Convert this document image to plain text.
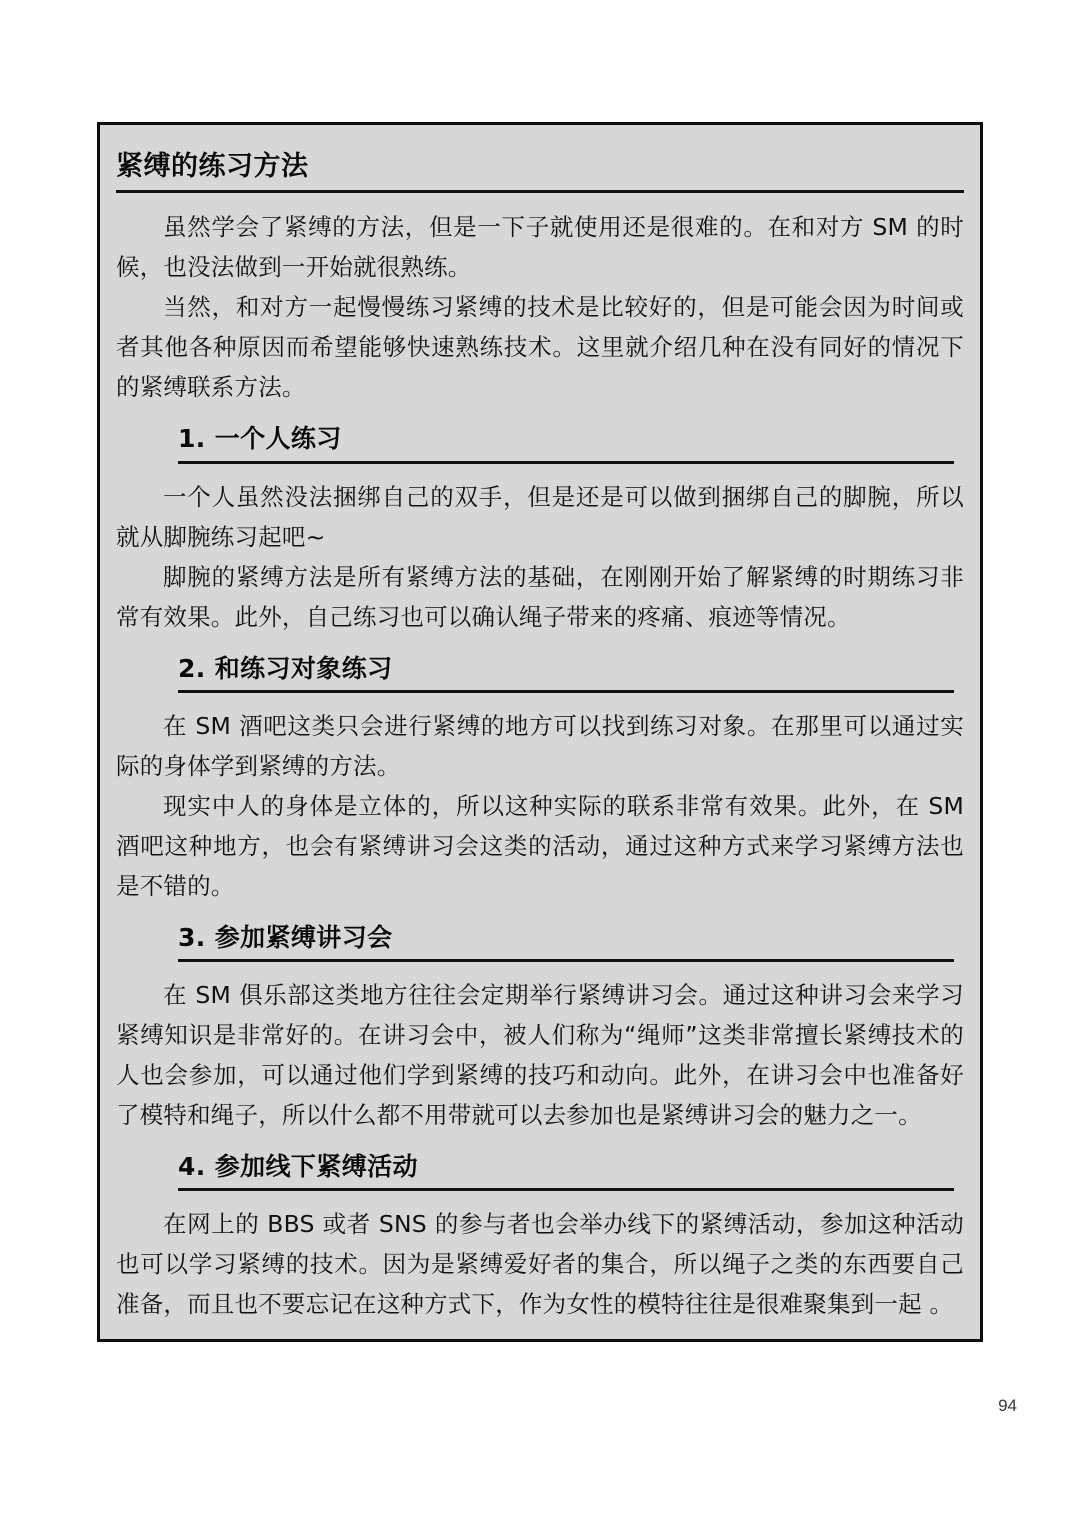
紧缚的练习方法

虽然学会了紧缚的方法，但是一下子就使用还是很难的。在和对方 SM 的时候，也没法做到一开始就很熟练。

当然，和对方一起慢慢练习紧缚的技术是比较好的，但是可能会因为时间或者其他各种原因而希望能够快速熟练技术。这里就介绍几种在没有同好的情况下的紧缚联系方法。

1. 一个人练习

一个人虽然没法捆绑自己的双手，但是还是可以做到捆绑自己的脚腕，所以就从脚腕练习起吧~

脚腕的紧缚方法是所有紧缚方法的基础，在刚刚开始了解紧缚的时期练习非常有效果。此外，自己练习也可以确认绳子带来的疼痛、痕迹等情况。

2. 和练习对象练习

在 SM 酒吧这类只会进行紧缚的地方可以找到练习对象。在那里可以通过实际的身体学到紧缚的方法。

现实中人的身体是立体的，所以这种实际的联系非常有效果。此外，在 SM 酒吧这种地方，也会有紧缚讲习会这类的活动，通过这种方式来学习紧缚方法也是不错的。

3. 参加紧缚讲习会

在 SM 俱乐部这类地方往往会定期举行紧缚讲习会。通过这种讲习会来学习紧缚知识是非常好的。在讲习会中，被人们称为“绳师”这类非常擅长紧缚技术的人也会参加，可以通过他们学到紧缚的技巧和动向。此外，在讲习会中也准备好了模特和绳子，所以什么都不用带就可以去参加也是紧缚讲习会的魅力之一。

4. 参加线下紧缚活动

在网上的 BBS 或者 SNS 的参与者也会举办线下的紧缚活动，参加这种活动也可以学习紧缚的技术。因为是紧缚爱好者的集合，所以绳子之类的东西要自己准备，而且也不要忘记在这种方式下，作为女性的模特往往是很难聚集到一起 。

94
